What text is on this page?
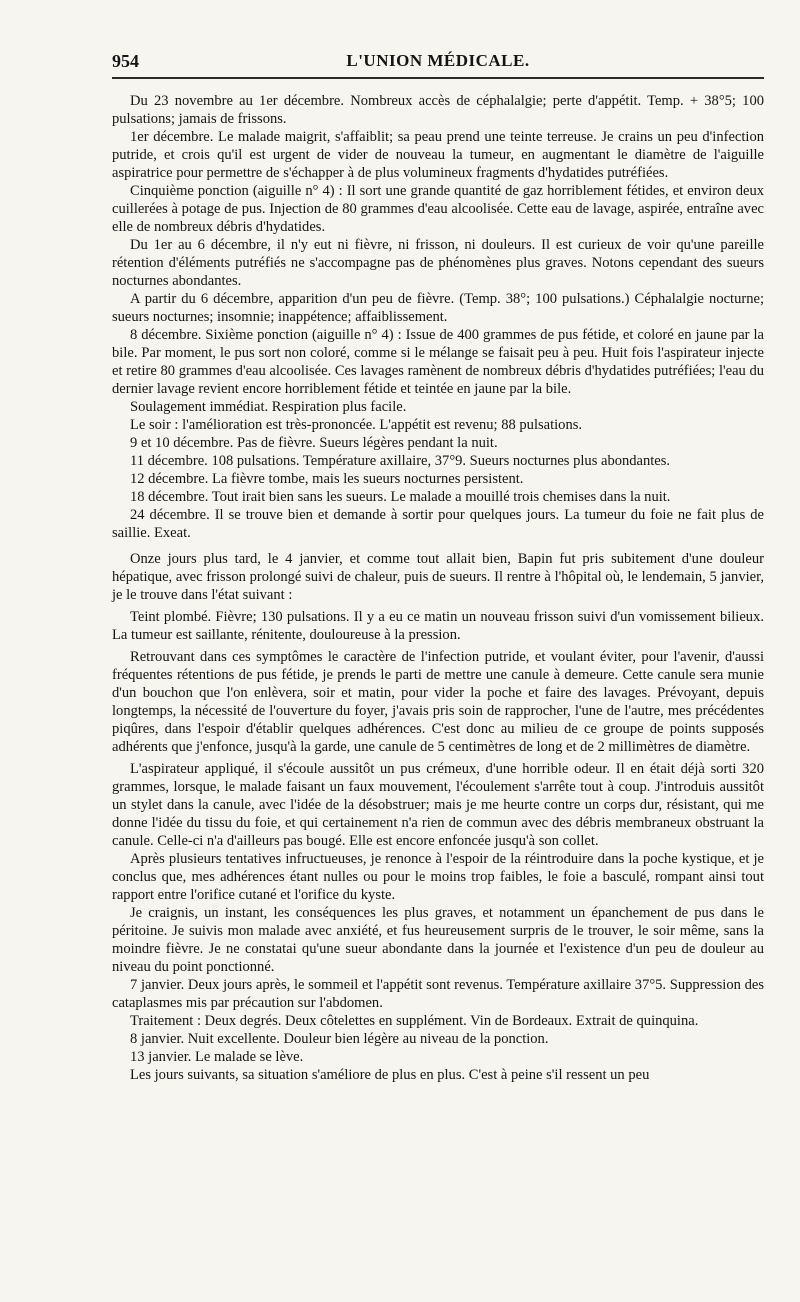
954	L'UNION MÉDICALE.

Du 23 novembre au 1er décembre. Nombreux accès de céphalalgie; perte d'appétit. Temp. + 38°5; 100 pulsations; jamais de frissons.

1er décembre. Le malade maigrit, s'affaiblit; sa peau prend une teinte terreuse. Je crains un peu d'infection putride, et crois qu'il est urgent de vider de nouveau la tumeur, en augmentant le diamètre de l'aiguille aspiratrice pour permettre de s'échapper à de plus volumineux fragments d'hydatides putréfiées.

Cinquième ponction (aiguille n° 4) : Il sort une grande quantité de gaz horriblement fétides, et environ deux cuillerées à potage de pus. Injection de 80 grammes d'eau alcoolisée. Cette eau de lavage, aspirée, entraîne avec elle de nombreux débris d'hydatides.

Du 1er au 6 décembre, il n'y eut ni fièvre, ni frisson, ni douleurs. Il est curieux de voir qu'une pareille rétention d'éléments putréfiés ne s'accompagne pas de phénomènes plus graves. Notons cependant des sueurs nocturnes abondantes.

A partir du 6 décembre, apparition d'un peu de fièvre. (Temp. 38°; 100 pulsations.) Céphalalgie nocturne; sueurs nocturnes; insomnie; inappétence; affaiblissement.

8 décembre. Sixième ponction (aiguille n° 4) : Issue de 400 grammes de pus fétide, et coloré en jaune par la bile. Par moment, le pus sort non coloré, comme si le mélange se faisait peu à peu. Huit fois l'aspirateur injecte et retire 80 grammes d'eau alcoolisée. Ces lavages ramènent de nombreux débris d'hydatides putréfiées; l'eau du dernier lavage revient encore horriblement fétide et teintée en jaune par la bile.

Soulagement immédiat. Respiration plus facile.

Le soir : l'amélioration est très-prononcée. L'appétit est revenu; 88 pulsations.

9 et 10 décembre. Pas de fièvre. Sueurs légères pendant la nuit.

11 décembre. 108 pulsations. Température axillaire, 37°9. Sueurs nocturnes plus abondantes.

12 décembre. La fièvre tombe, mais les sueurs nocturnes persistent.

18 décembre. Tout irait bien sans les sueurs. Le malade a mouillé trois chemises dans la nuit.

24 décembre. Il se trouve bien et demande à sortir pour quelques jours. La tumeur du foie ne fait plus de saillie. Exeat.

Onze jours plus tard, le 4 janvier, et comme tout allait bien, Bapin fut pris subitement d'une douleur hépatique, avec frisson prolongé suivi de chaleur, puis de sueurs. Il rentre à l'hôpital où, le lendemain, 5 janvier, je le trouve dans l'état suivant :

Teint plombé. Fièvre; 130 pulsations. Il y a eu ce matin un nouveau frisson suivi d'un vomissement bilieux. La tumeur est saillante, rénitente, douloureuse à la pression.

Retrouvant dans ces symptômes le caractère de l'infection putride, et voulant éviter, pour l'avenir, d'aussi fréquentes rétentions de pus fétide, je prends le parti de mettre une canule à demeure. Cette canule sera munie d'un bouchon que l'on enlèvera, soir et matin, pour vider la poche et faire des lavages. Prévoyant, depuis longtemps, la nécessité de l'ouverture du foyer, j'avais pris soin de rapprocher, l'une de l'autre, mes précédentes piqûres, dans l'espoir d'établir quelques adhérences. C'est donc au milieu de ce groupe de points supposés adhérents que j'enfonce, jusqu'à la garde, une canule de 5 centimètres de long et de 2 millimètres de diamètre.

L'aspirateur appliqué, il s'écoule aussitôt un pus crémeux, d'une horrible odeur. Il en était déjà sorti 320 grammes, lorsque, le malade faisant un faux mouvement, l'écoulement s'arrête tout à coup. J'introduis aussitôt un stylet dans la canule, avec l'idée de la désobstruer; mais je me heurte contre un corps dur, résistant, qui me donne l'idée du tissu du foie, et qui certainement n'a rien de commun avec des débris membraneux obstruant la canule. Celle-ci n'a d'ailleurs pas bougé. Elle est encore enfoncée jusqu'à son collet.

Après plusieurs tentatives infructueuses, je renonce à l'espoir de la réintroduire dans la poche kystique, et je conclus que, mes adhérences étant nulles ou pour le moins trop faibles, le foie a basculé, rompant ainsi tout rapport entre l'orifice cutané et l'orifice du kyste.

Je craignis, un instant, les conséquences les plus graves, et notamment un épanchement de pus dans le péritoine. Je suivis mon malade avec anxiété, et fus heureusement surpris de le trouver, le soir même, sans la moindre fièvre. Je ne constatai qu'une sueur abondante dans la journée et l'existence d'un peu de douleur au niveau du point ponctionné.

7 janvier. Deux jours après, le sommeil et l'appétit sont revenus. Température axillaire 37°5. Suppression des cataplasmes mis par précaution sur l'abdomen.

Traitement : Deux degrés. Deux côtelettes en supplément. Vin de Bordeaux. Extrait de quinquina.

8 janvier. Nuit excellente. Douleur bien légère au niveau de la ponction.

13 janvier. Le malade se lève.

Les jours suivants, sa situation s'améliore de plus en plus. C'est à peine s'il ressent un peu
